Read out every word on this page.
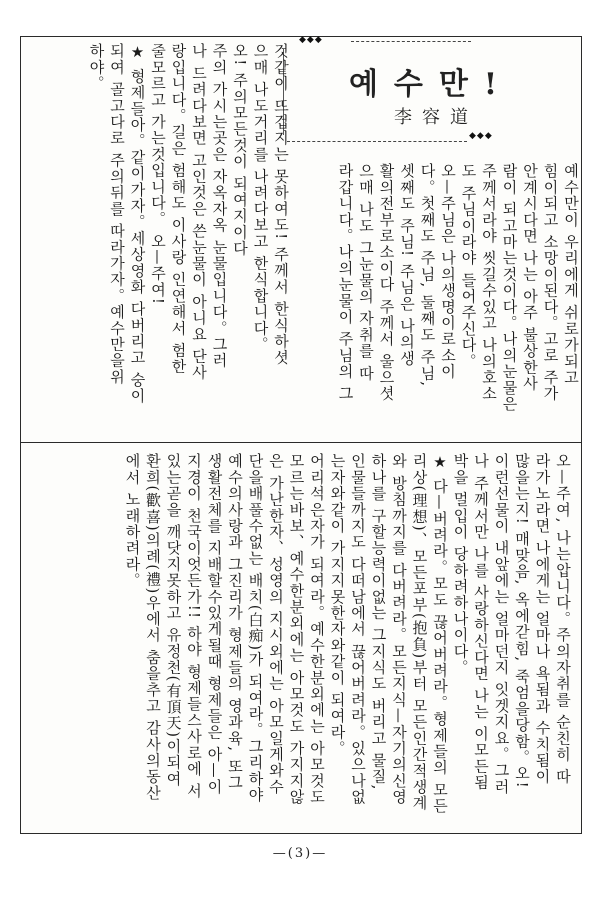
◆◆◆
예수만!
李容道
◆◆◆
예수만이 우리에게 쉬로가되고
힘이되고 소망이된다。고로 주가
안계시다면 나는 아주 불상한사
람이 되고마는것이다。나의눈물은
주께서라야 씻길수있고 나의호소
도 주님이라야 들어주신다。
오—주님은 나의생명이로소이
다。첫째도 주님, 둘째도 주님,
셋째도 주님! 주님은 나의생
활의전부로소이다 주께서 울으셧
으매 나도 그눈물의 자취를 따
라갑니다。나의눈물이 주님의 그
것같이 뜨겁지는 못하여도! 주께서 한식하셧
으매 나도거리를 나려다보고 한식합니다。
오! 주의모든것이 되여지이다
주의 가시는곳은 자옥자옥 눈물입니다。그러
나 드려다보면 고인것은 쓴눈물이 아니요 단사
랑입니다。길은 험해도 이사랑 인연해서 험한
줄모르고 가는것입니다。 오—주여!
★ 형제들아。같이가자。세상영화 다버리고 숭이
되여 골고다로 주의뒤를 따라가자。예수만을위
하야。
오—주여, 나는압니다。주의자취를 순친히 따
라가노라면 나에게는 얼마나 욕됨과 수치됨이
많을는지! 매맞음, 옥에갇힘, 죽엄을당함。오!
이런선물이 내앞에는 얼마던지 잇겟지요。그러
나 주께서만 나를 사랑하신다면 나는 이모든됨
박을 멀입이 당하려하나이다。
★ 다—버려라。모도 끊어버려라。형제들의 모든
리상(理想)、모든포부(抱負)부터 모든인간적생계
와 방침까지를 다버려라。모든지식—자기의신영
하나를 구할능력이없는 그지식도 버리고 물질,
인물들까지도 다떠남에서 끊어버려라。있으나없
는자와같이 가지지못한자와같이 되여라。
어리석은자가 되여라。예수한분외에는 아모것도
모르는바보、예수한분외에는 아모것도 가지지않
은 가난한자、성영의 지시외에는 아모일게와수
단을배풀수없는 배치(白痴)가 되여라。그리하야
예수의사랑과 그진리가 형제들의 영과육, 또그
생활전체를 지배할수있게될때 형제들은 아—이
지경이 천국이엇든가!! 하야 형제들스사로에 서
있는곧을 깨닷지못하고 유정천(有頂天)이되여
환희(歡喜)의례(禮)우에서 춤을추고 감사의동산
에서 노래하려라。
—(3)—
